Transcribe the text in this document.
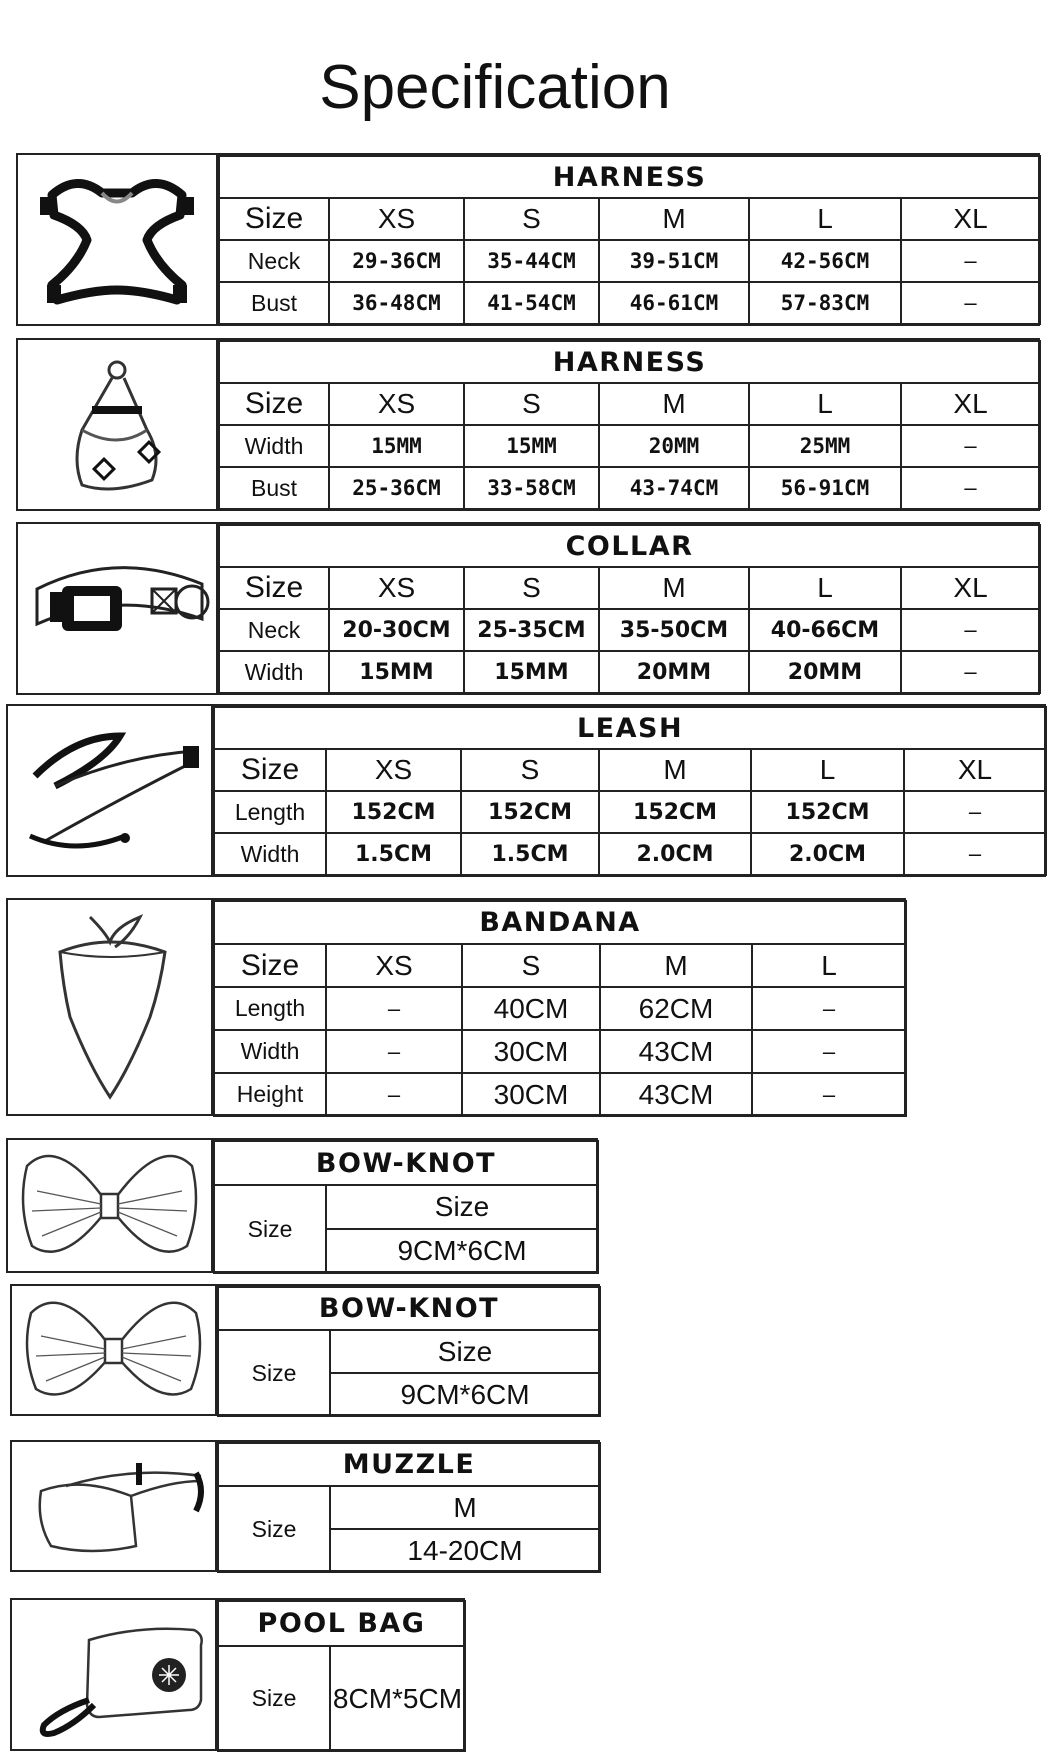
Specification
HARNESS					
Size	XS	S	M	L	XL
Neck	29-36CM	35-44CM	39-51CM	42-56CM	–
Bust	36-48CM	41-54CM	46-61CM	57-83CM	–
HARNESS					
Size	XS	S	M	L	XL
Width	15MM	15MM	20MM	25MM	–
Bust	25-36CM	33-58CM	43-74CM	56-91CM	–
COLLAR					
Size	XS	S	M	L	XL
Neck	20-30CM	25-35CM	35-50CM	40-66CM	–
Width	15MM	15MM	20MM	20MM	–
LEASH					
Size	XS	S	M	L	XL
Length	152CM	152CM	152CM	152CM	–
Width	1.5CM	1.5CM	2.0CM	2.0CM	–
BANDANA				
Size	XS	S	M	L
Length	–	40CM	62CM	–
Width	–	30CM	43CM	–
Height	–	30CM	43CM	–
BOW-KNOT
Size	Size
9CM*6CM
BOW-KNOT
Size	Size
9CM*6CM
MUZZLE
Size	M
14-20CM
POOL BAG
Size	8CM*5CM
